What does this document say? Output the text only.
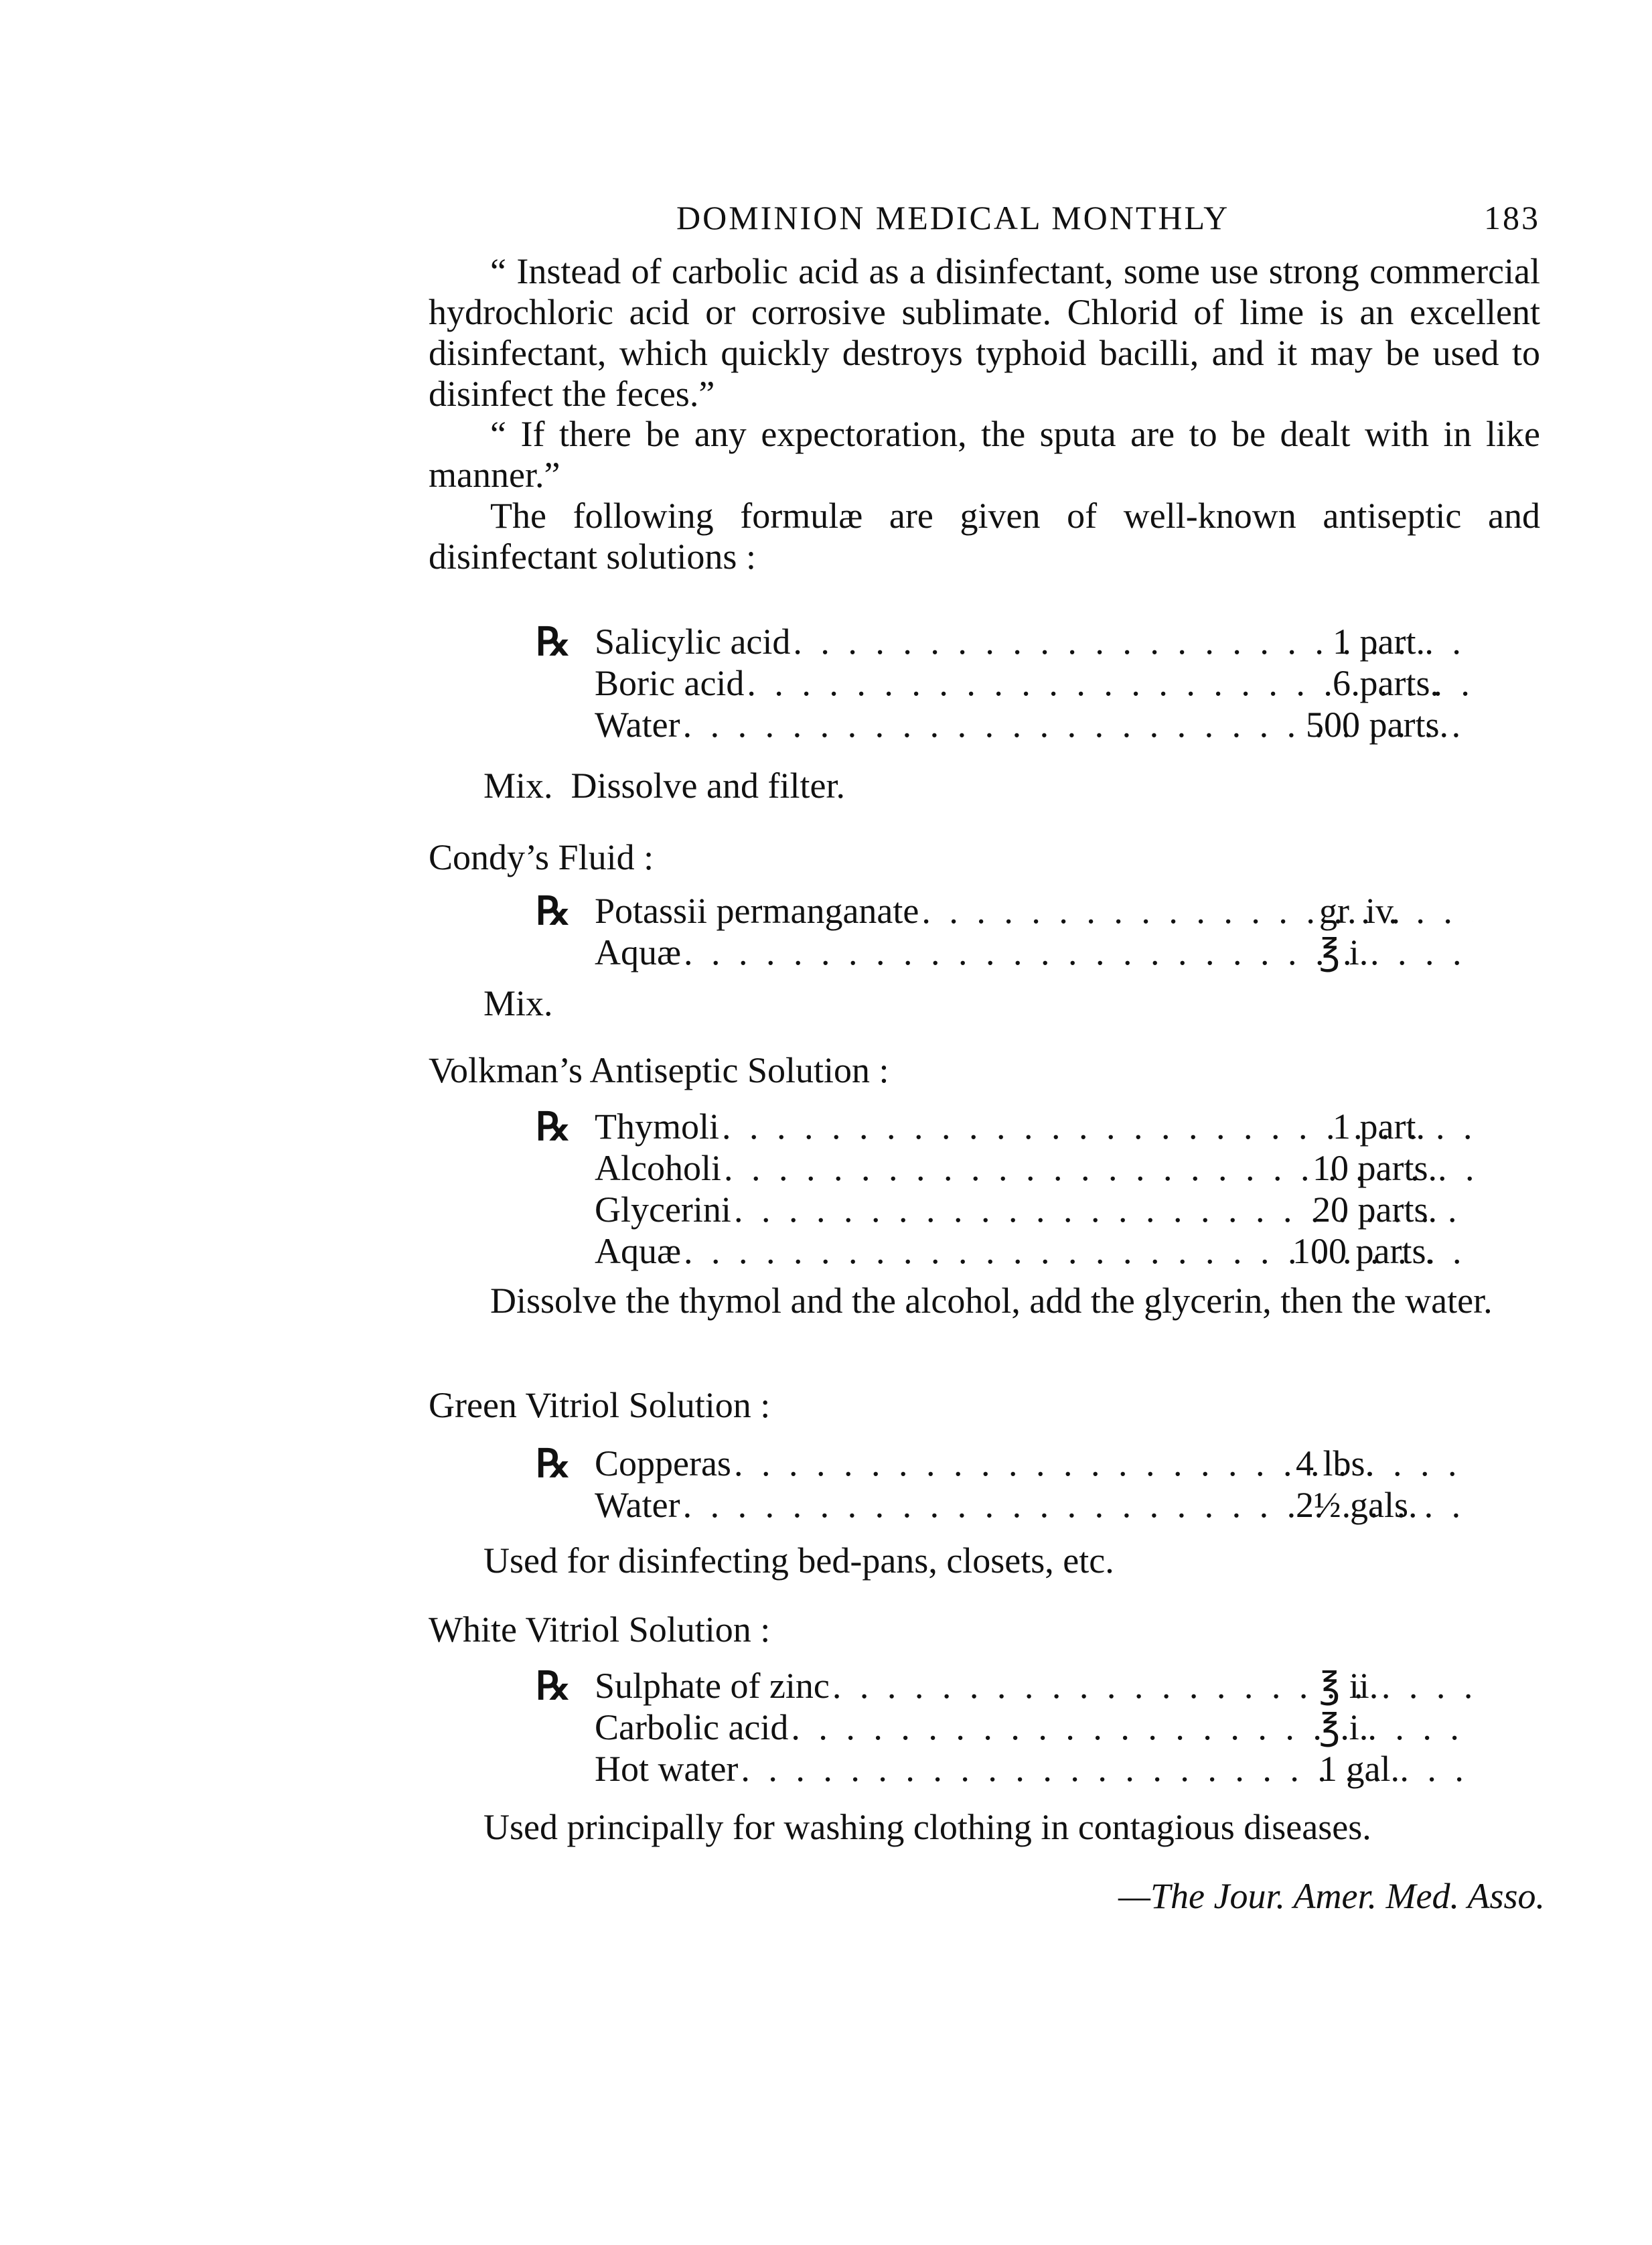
DOMINION MEDICAL MONTHLY	183

“ Instead of carbolic acid as a disinfectant, some use strong commercial hydrochloric acid or corrosive sublimate. Chlorid of lime is an excellent disinfectant, which quickly destroys typhoid bacilli, and it may be used to disinfect the feces.”

“ If there be any expectoration, the sputa are to be dealt with in like manner.”

The following formulæ are given of well-known antiseptic and disinfectant solutions :

℞ Salicylic acid . . .	1 part.
Boric acid . . .	6 parts.
Water . . .	500 parts.
Mix.  Dissolve and filter.
Condy’s Fluid :
℞ Potassii permanganate . . .	gr. iv.
Aquæ . . .	℥ i.
Mix.
Volkman’s Antiseptic Solution :
℞ Thymoli . . .	1 part.
Alcoholi . . .	10 parts.
Glycerini . . .	20 parts.
Aquæ . . .	100 parts.

Dissolve the thymol and the alcohol, add the glycerin, then the water.

Green Vitriol Solution :
℞ Copperas . . .	4 lbs.
Water . . .	2½ gals.
Used for disinfecting bed-pans, closets, etc.
White Vitriol Solution :
℞ Sulphate of zinc . . .	℥ ii.
Carbolic acid . . .	℥ i.
Hot water . . .	1 gal.
Used principally for washing clothing in contagious diseases.
—The Jour. Amer. Med. Asso.
